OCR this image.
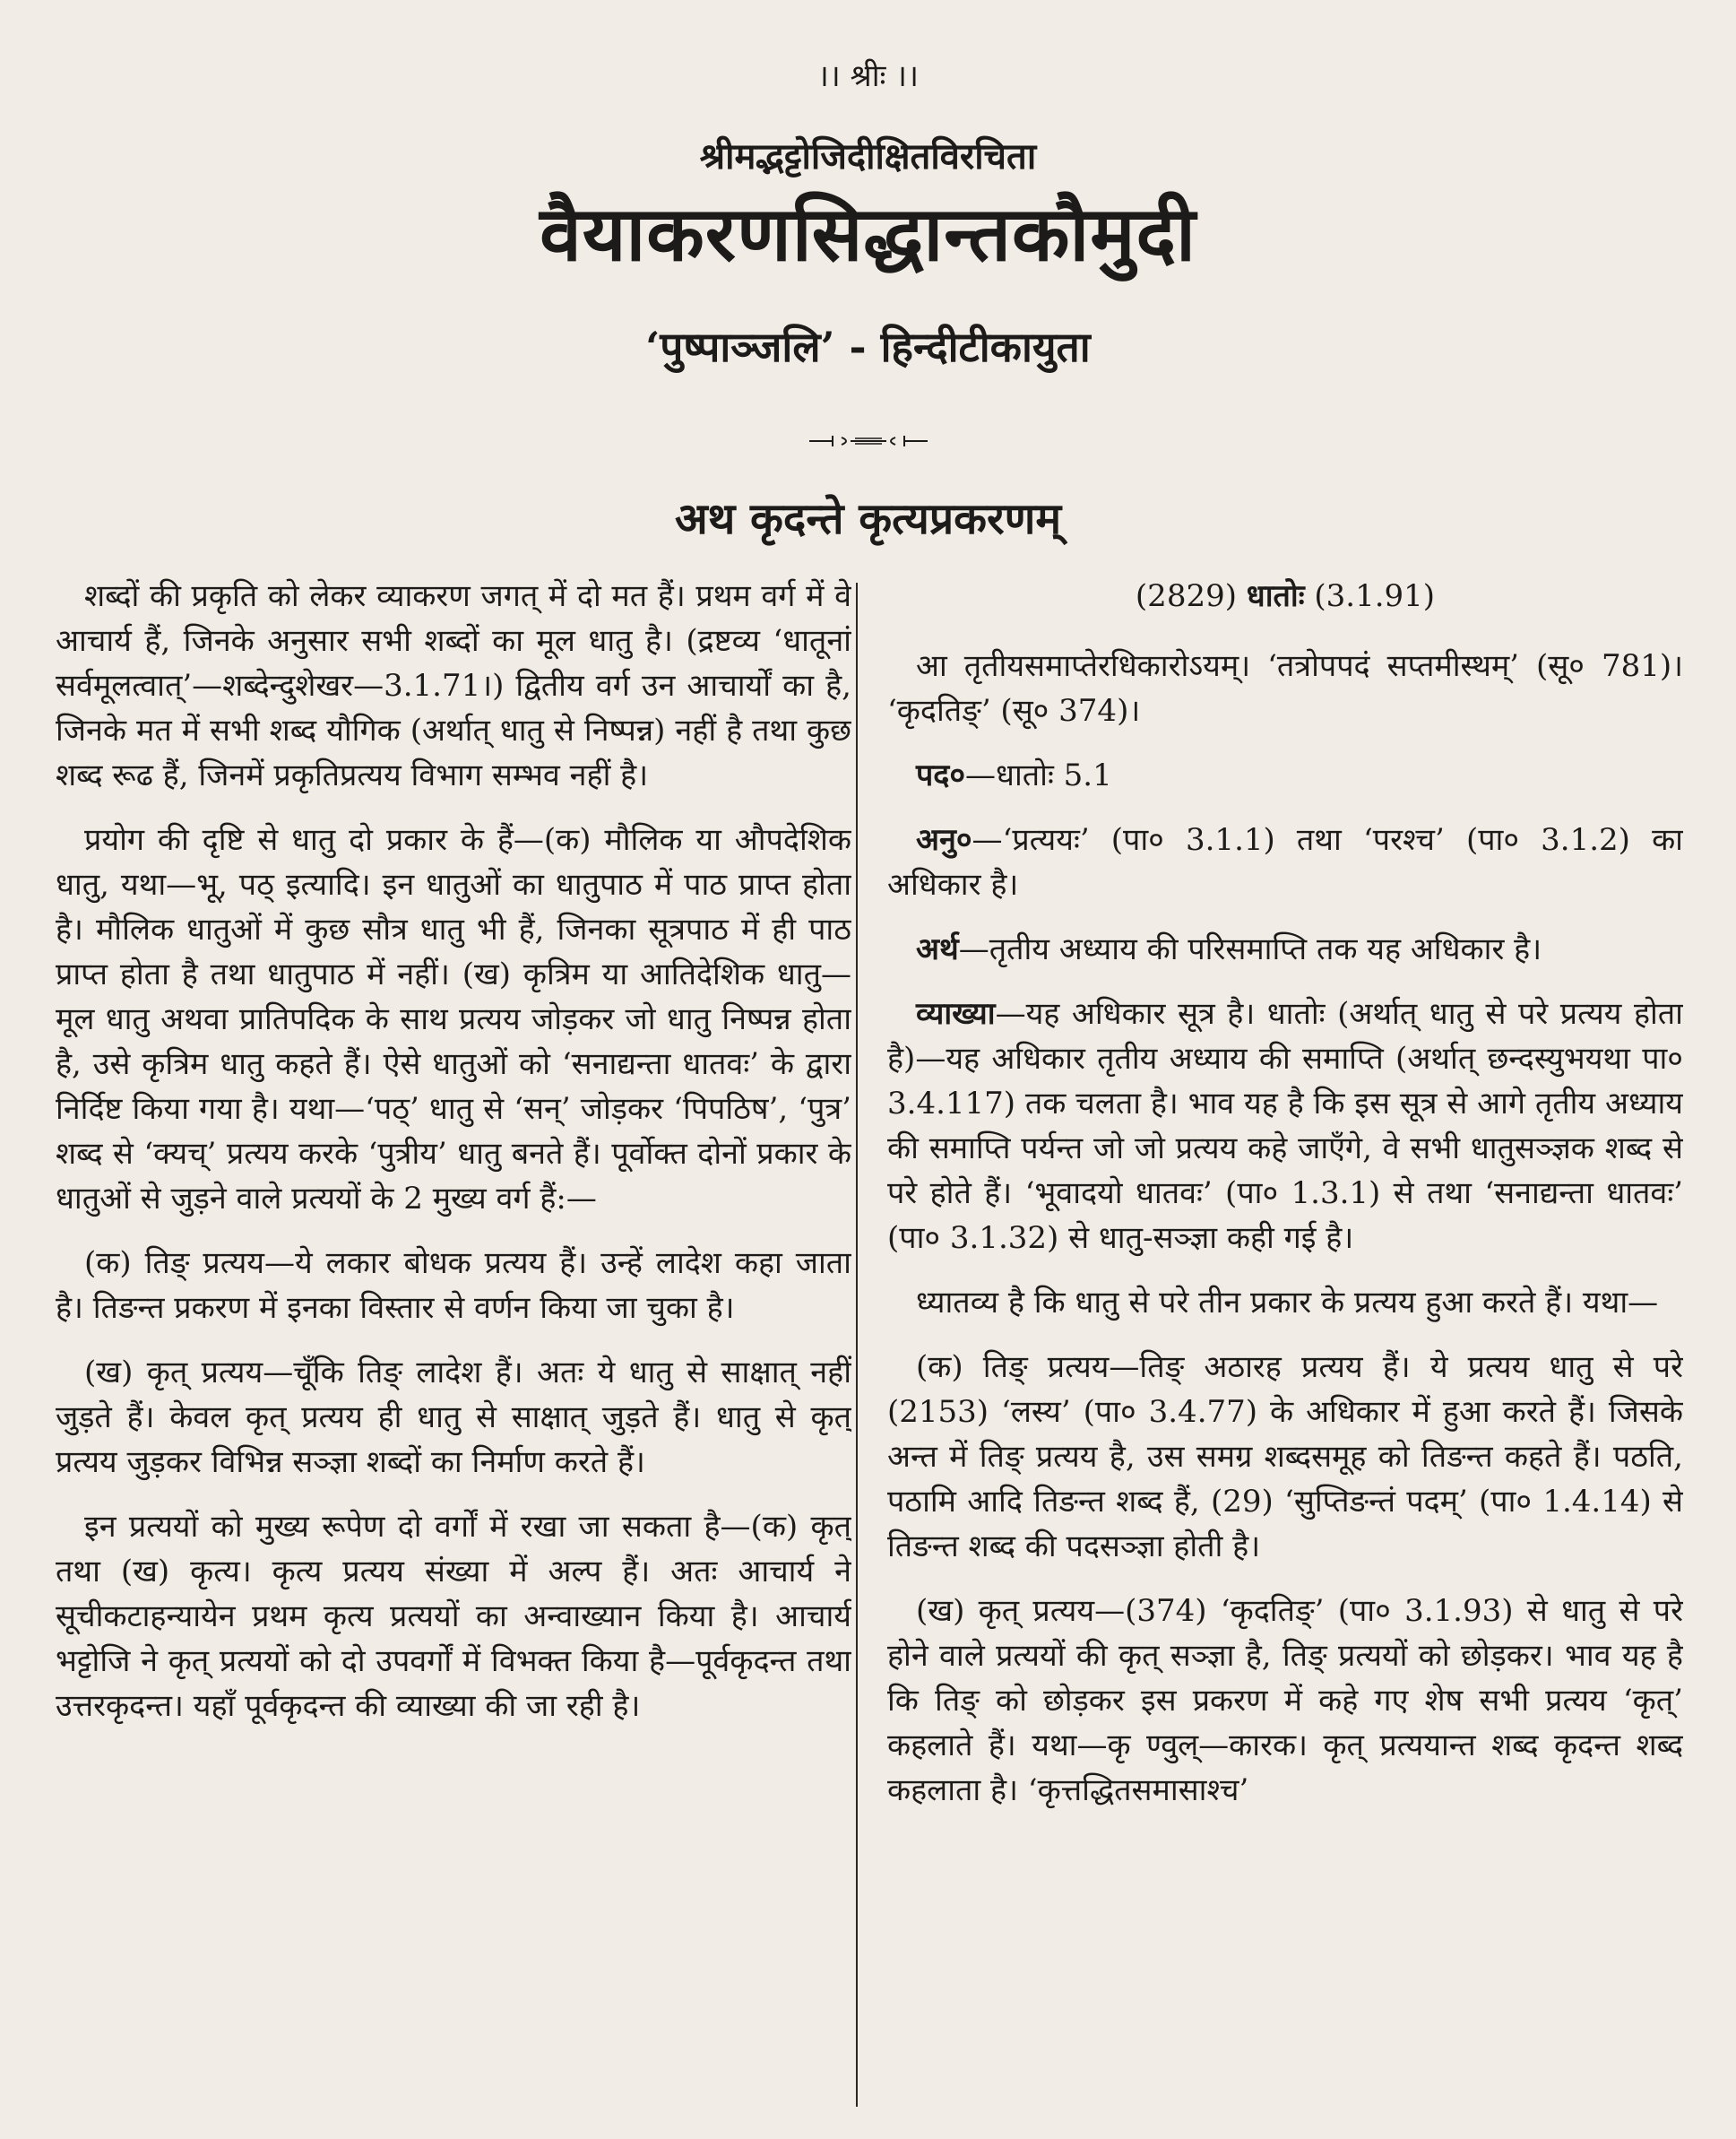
।। श्रीः ।।
श्रीमद्भट्टोजिदीक्षितविरचिता
वैयाकरणसिद्धान्तकौमुदी
‘पुष्पाञ्जलि’ - हिन्दीटीकायुता
अथ कृदन्ते कृत्यप्रकरणम्

शब्दों की प्रकृति को लेकर व्याकरण जगत् में दो मत हैं। प्रथम वर्ग में वे आचार्य हैं, जिनके अनुसार सभी शब्दों का मूल धातु है। (द्रष्टव्य ‘धातूनां सर्वमूलत्वात्’—शब्देन्दुशेखर—3.1.71।) द्वितीय वर्ग उन आचार्यों का है, जिनके मत में सभी शब्द यौगिक (अर्थात् धातु से निष्पन्न) नहीं है तथा कुछ शब्द रूढ हैं, जिनमें प्रकृतिप्रत्यय विभाग सम्भव नहीं है।

प्रयोग की दृष्टि से धातु दो प्रकार के हैं—(क) मौलिक या औपदेशिक धातु, यथा—भू, पठ् इत्यादि। इन धातुओं का धातुपाठ में पाठ प्राप्त होता है। मौलिक धातुओं में कुछ सौत्र धातु भी हैं, जिनका सूत्रपाठ में ही पाठ प्राप्त होता है तथा धातुपाठ में नहीं। (ख) कृत्रिम या आतिदेशिक धातु—मूल धातु अथवा प्रातिपदिक के साथ प्रत्यय जोड़कर जो धातु निष्पन्न होता है, उसे कृत्रिम धातु कहते हैं। ऐसे धातुओं को ‘सनाद्यन्ता धातवः’ के द्वारा निर्दिष्ट किया गया है। यथा—‘पठ्’ धातु से ‘सन्’ जोड़कर ‘पिपठिष’, ‘पुत्र’ शब्द से ‘क्यच्’ प्रत्यय करके ‘पुत्रीय’ धातु बनते हैं। पूर्वोक्त दोनों प्रकार के धातुओं से जुड़ने वाले प्रत्ययों के 2 मुख्य वर्ग हैं:—

(क) तिङ् प्रत्यय—ये लकार बोधक प्रत्यय हैं। उन्हें लादेश कहा जाता है। तिङन्त प्रकरण में इनका विस्तार से वर्णन किया जा चुका है।

(ख) कृत् प्रत्यय—चूँकि तिङ् लादेश हैं। अतः ये धातु से साक्षात् नहीं जुड़ते हैं। केवल कृत् प्रत्यय ही धातु से साक्षात् जुड़ते हैं। धातु से कृत् प्रत्यय जुड़कर विभिन्न सञ्ज्ञा शब्दों का निर्माण करते हैं।

इन प्रत्ययों को मुख्य रूपेण दो वर्गों में रखा जा सकता है—(क) कृत् तथा (ख) कृत्य। कृत्य प्रत्यय संख्या में अल्प हैं। अतः आचार्य ने सूचीकटाहन्यायेन प्रथम कृत्य प्रत्ययों का अन्वाख्यान किया है। आचार्य भट्टोजि ने कृत् प्रत्ययों को दो उपवर्गों में विभक्त किया है—पूर्वकृदन्त तथा उत्तरकृदन्त। यहाँ पूर्वकृदन्त की व्याख्या की जा रही है।

(2829) धातोः (3.1.91)

आ तृतीयसमाप्तेरधिकारोऽयम्। ‘तत्रोपपदं सप्तमीस्थम्’ (सू० 781)। ‘कृदतिङ्’ (सू० 374)।

पद०—धातोः 5.1

अनु०—‘प्रत्ययः’ (पा० 3.1.1) तथा ‘परश्च’ (पा० 3.1.2) का अधिकार है।

अर्थ—तृतीय अध्याय की परिसमाप्ति तक यह अधिकार है।

व्याख्या—यह अधिकार सूत्र है। धातोः (अर्थात् धातु से परे प्रत्यय होता है)—यह अधिकार तृतीय अध्याय की समाप्ति (अर्थात् छन्दस्युभयथा पा० 3.4.117) तक चलता है। भाव यह है कि इस सूत्र से आगे तृतीय अध्याय की समाप्ति पर्यन्त जो जो प्रत्यय कहे जाएँगे, वे सभी धातुसञ्ज्ञक शब्द से परे होते हैं। ‘भूवादयो धातवः’ (पा० 1.3.1) से तथा ‘सनाद्यन्ता धातवः’ (पा० 3.1.32) से धातु-सञ्ज्ञा कही गई है।

ध्यातव्य है कि धातु से परे तीन प्रकार के प्रत्यय हुआ करते हैं। यथा—

(क) तिङ् प्रत्यय—तिङ् अठारह प्रत्यय हैं। ये प्रत्यय धातु से परे (2153) ‘लस्य’ (पा० 3.4.77) के अधिकार में हुआ करते हैं। जिसके अन्त में तिङ् प्रत्यय है, उस समग्र शब्दसमूह को तिङन्त कहते हैं। पठति, पठामि आदि तिङन्त शब्द हैं, (29) ‘सुप्तिङन्तं पदम्’ (पा० 1.4.14) से तिङन्त शब्द की पदसञ्ज्ञा होती है।

(ख) कृत् प्रत्यय—(374) ‘कृदतिङ्’ (पा० 3.1.93) से धातु से परे होने वाले प्रत्ययों की कृत् सञ्ज्ञा है, तिङ् प्रत्ययों को छोड़कर। भाव यह है कि तिङ् को छोड़कर इस प्रकरण में कहे गए शेष सभी प्रत्यय ‘कृत्’ कहलाते हैं। यथा—कृ ण्वुल्—कारक। कृत् प्रत्ययान्त शब्द कृदन्त शब्द कहलाता है। ‘कृत्तद्धितसमासाश्च’
